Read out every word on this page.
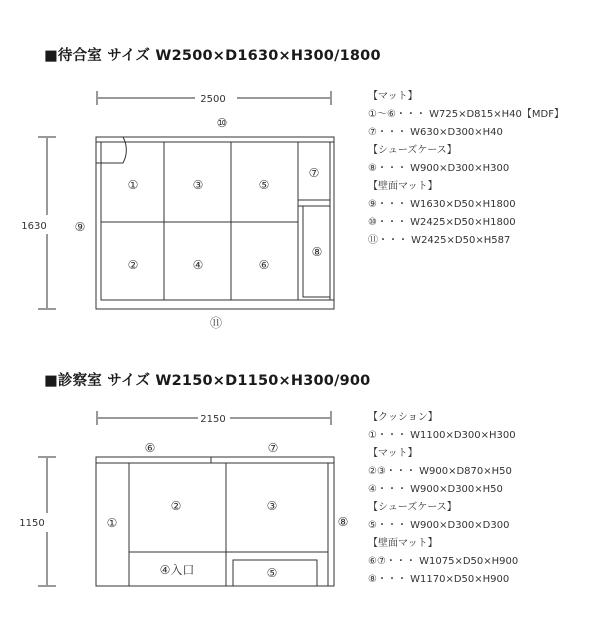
■待合室 サイズ W2500×D1630×H300/1800
■診察室 サイズ W2150×D1150×H300/900
2500
1630
①	③	⑤
②	④	⑥
⑦
⑧
⑨
⑩
⑪
2150
1150	①
②	③
④入口	⑤
⑥	⑦
⑧
【マット】
①～⑥・・・ W725×D815×H40【MDF】
⑦・・・ W630×D300×H40
【シューズケース】
⑧・・・ W900×D300×H300
【壁面マット】
⑨・・・ W1630×D50×H1800
⑩・・・ W2425×D50×H1800
⑪・・・ W2425×D50×H587
【クッション】
①・・・ W1100×D300×H300
【マット】
②③・・・ W900×D870×H50
④・・・ W900×D300×H50
【シューズケース】
⑤・・・ W900×D300×D300
【壁面マット】
⑥⑦・・・ W1075×D50×H900
⑧・・・ W1170×D50×H900
